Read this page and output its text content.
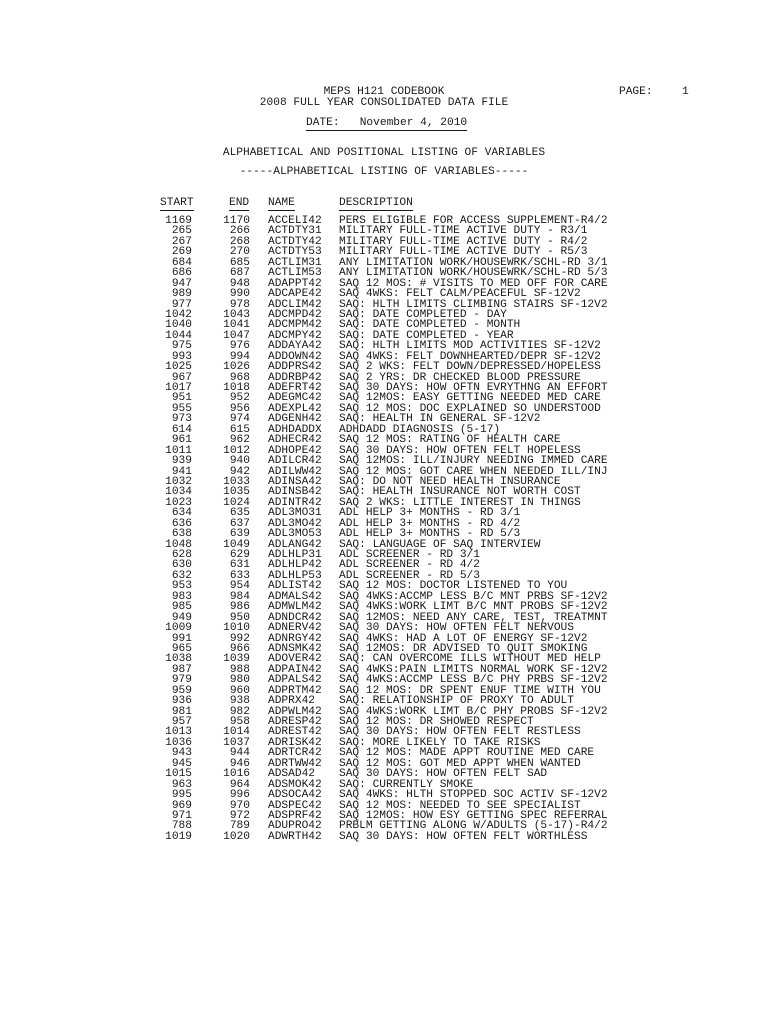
MEPS H121 CODEBOOK
2008 FULL YEAR CONSOLIDATED DATA FILE
PAGE:	1
DATE:   November 4, 2010
ALPHABETICAL AND POSITIONAL LISTING OF VARIABLES
-----ALPHABETICAL LISTING OF VARIABLES-----
START	END NAME	DESCRIPTION
1169	1170 ACCELI42 PERS ELIGIBLE FOR ACCESS SUPPLEMENT-R4/2
265	266 ACTDTY31 MILITARY FULL-TIME ACTIVE DUTY - R3/1
267	268 ACTDTY42 MILITARY FULL-TIME ACTIVE DUTY - R4/2
269	270 ACTDTY53 MILITARY FULL-TIME ACTIVE DUTY - R5/3
684	685 ACTLIM31 ANY LIMITATION WORK/HOUSEWRK/SCHL-RD 3/1
686	687 ACTLIM53 ANY LIMITATION WORK/HOUSEWRK/SCHL-RD 5/3
947	948 ADAPPT42 SAQ 12 MOS: # VISITS TO MED OFF FOR CARE
989	990 ADCAPE42 SAQ 4WKS: FELT CALM/PEACEFUL SF-12V2
977	978 ADCLIM42 SAQ: HLTH LIMITS CLIMBING STAIRS SF-12V2
1042	1043 ADCMPD42 SAQ: DATE COMPLETED - DAY
1040	1041 ADCMPM42 SAQ: DATE COMPLETED - MONTH
1044	1047 ADCMPY42 SAQ: DATE COMPLETED - YEAR
975	976 ADDAYA42 SAQ: HLTH LIMITS MOD ACTIVITIES SF-12V2
993	994 ADDOWN42 SAQ 4WKS: FELT DOWNHEARTED/DEPR SF-12V2
1025	1026 ADDPRS42 SAQ 2 WKS: FELT DOWN/DEPRESSED/HOPELESS
967	968 ADDRBP42 SAQ 2 YRS: DR CHECKED BLOOD PRESSURE
1017	1018 ADEFRT42 SAQ 30 DAYS: HOW OFTN EVRYTHNG AN EFFORT
951	952 ADEGMC42 SAQ 12MOS: EASY GETTING NEEDED MED CARE
955	956 ADEXPL42 SAQ 12 MOS: DOC EXPLAINED SO UNDERSTOOD
973	974 ADGENH42 SAQ: HEALTH IN GENERAL SF-12V2
614	615 ADHDADDX ADHDADD DIAGNOSIS (5-17)
961	962 ADHECR42 SAQ 12 MOS: RATING OF HEALTH CARE
1011	1012 ADHOPE42 SAQ 30 DAYS: HOW OFTEN FELT HOPELESS
939	940 ADILCR42 SAQ 12MOS: ILL/INJURY NEEDING IMMED CARE
941	942 ADILWW42 SAQ 12 MOS: GOT CARE WHEN NEEDED ILL/INJ
1032	1033 ADINSA42 SAQ: DO NOT NEED HEALTH INSURANCE
1034	1035 ADINSB42 SAQ: HEALTH INSURANCE NOT WORTH COST
1023	1024 ADINTR42 SAQ 2 WKS: LITTLE INTEREST IN THINGS
634	635 ADL3MO31 ADL HELP 3+ MONTHS - RD 3/1
636	637 ADL3MO42 ADL HELP 3+ MONTHS - RD 4/2
638	639 ADL3MO53 ADL HELP 3+ MONTHS - RD 5/3
1048	1049 ADLANG42 SAQ: LANGUAGE OF SAQ INTERVIEW
628	629 ADLHLP31 ADL SCREENER - RD 3/1
630	631 ADLHLP42 ADL SCREENER - RD 4/2
632	633 ADLHLP53 ADL SCREENER - RD 5/3
953	954 ADLIST42 SAQ 12 MOS: DOCTOR LISTENED TO YOU
983	984 ADMALS42 SAQ 4WKS:ACCMP LESS B/C MNT PRBS SF-12V2
985	986 ADMWLM42 SAQ 4WKS:WORK LIMT B/C MNT PROBS SF-12V2
949	950 ADNDCR42 SAQ 12MOS: NEED ANY CARE, TEST, TREATMNT
1009	1010 ADNERV42 SAQ 30 DAYS: HOW OFTEN FELT NERVOUS
991	992 ADNRGY42 SAQ 4WKS: HAD A LOT OF ENERGY SF-12V2
965	966 ADNSMK42 SAQ 12MOS: DR ADVISED TO QUIT SMOKING
1038	1039 ADOVER42 SAQ: CAN OVERCOME ILLS WITHOUT MED HELP
987	988 ADPAIN42 SAQ 4WKS:PAIN LIMITS NORMAL WORK SF-12V2
979	980 ADPALS42 SAQ 4WKS:ACCMP LESS B/C PHY PRBS SF-12V2
959	960 ADPRTM42 SAQ 12 MOS: DR SPENT ENUF TIME WITH YOU
936	938 ADPRX42 SAQ: RELATIONSHIP OF PROXY TO ADULT
981	982 ADPWLM42 SAQ 4WKS:WORK LIMT B/C PHY PROBS SF-12V2
957	958 ADRESP42 SAQ 12 MOS: DR SHOWED RESPECT
1013	1014 ADREST42 SAQ 30 DAYS: HOW OFTEN FELT RESTLESS
1036	1037 ADRISK42 SAQ: MORE LIKELY TO TAKE RISKS
943	944 ADRTCR42 SAQ 12 MOS: MADE APPT ROUTINE MED CARE
945	946 ADRTWW42 SAQ 12 MOS: GOT MED APPT WHEN WANTED
1015	1016 ADSAD42 SAQ 30 DAYS: HOW OFTEN FELT SAD
963	964 ADSMOK42 SAQ: CURRENTLY SMOKE
995	996 ADSOCA42 SAQ 4WKS: HLTH STOPPED SOC ACTIV SF-12V2
969	970 ADSPEC42 SAQ 12 MOS: NEEDED TO SEE SPECIALIST
971	972 ADSPRF42 SAQ 12MOS: HOW ESY GETTING SPEC REFERRAL
788	789 ADUPRO42 PRBLM GETTING ALONG W/ADULTS (5-17)-R4/2
1019	1020 ADWRTH42 SAQ 30 DAYS: HOW OFTEN FELT WORTHLESS
